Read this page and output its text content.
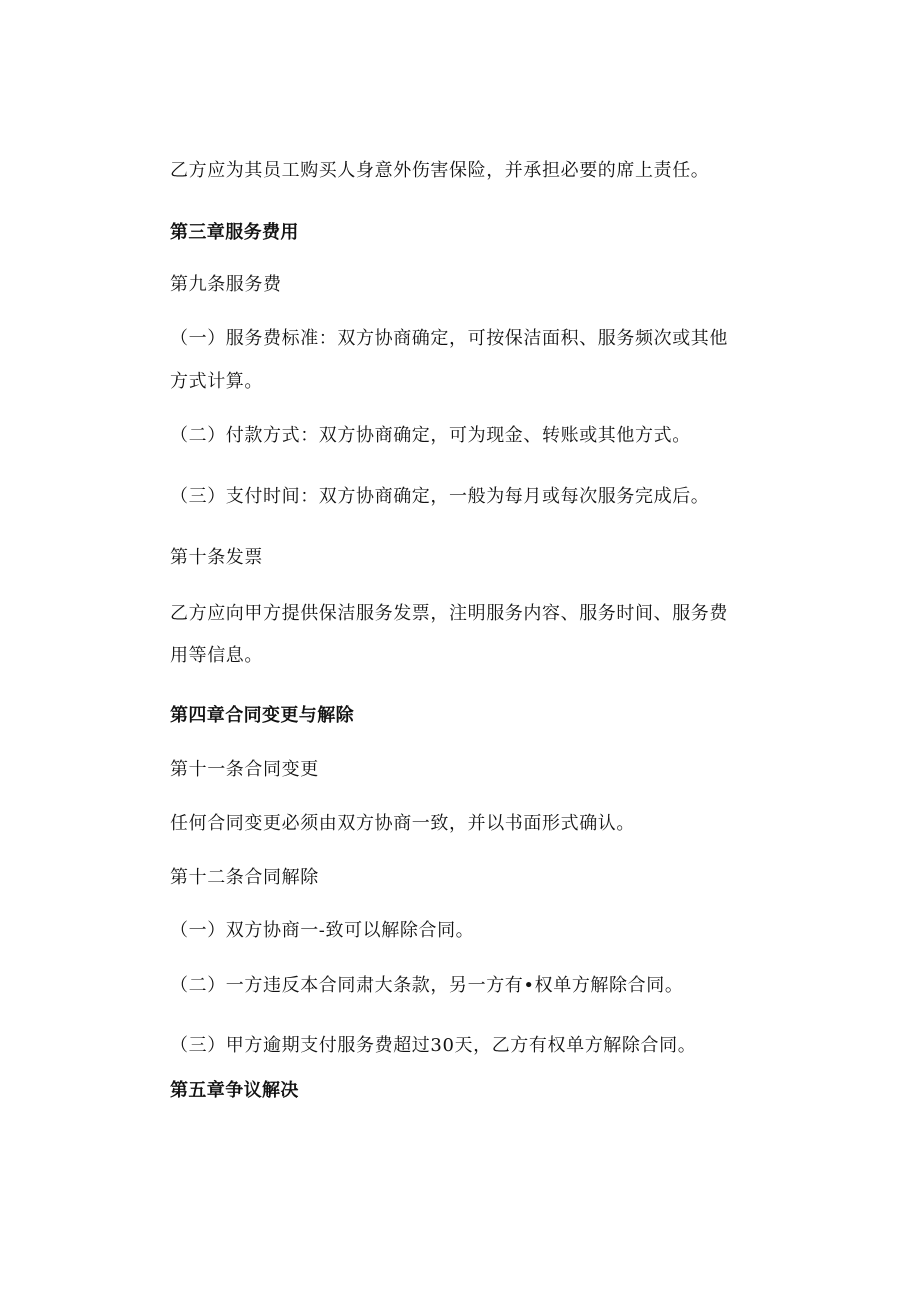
乙方应为其员工购买人身意外伤害保险，并承担必要的席上责任。
第三章服务费用
第九条服务费
（一）服务费标准：双方协商确定，可按保洁面积、服务频次或其他
方式计算。
（二）付款方式：双方协商确定，可为现金、转账或其他方式。
（三）支付时间：双方协商确定，一般为每月或每次服务完成后。
第十条发票
乙方应向甲方提供保洁服务发票，注明服务内容、服务时间、服务费
用等信息。
第四章合同变更与解除
第十一条合同变更
任何合同变更必须由双方协商一致，并以书面形式确认。
第十二条合同解除
（一）双方协商一-致可以解除合同。
（二）一方违反本合同肃大条款，另一方有•权单方解除合同。
（三）甲方逾期支付服务费超过30天，乙方有权单方解除合同。
第五章争议解决
